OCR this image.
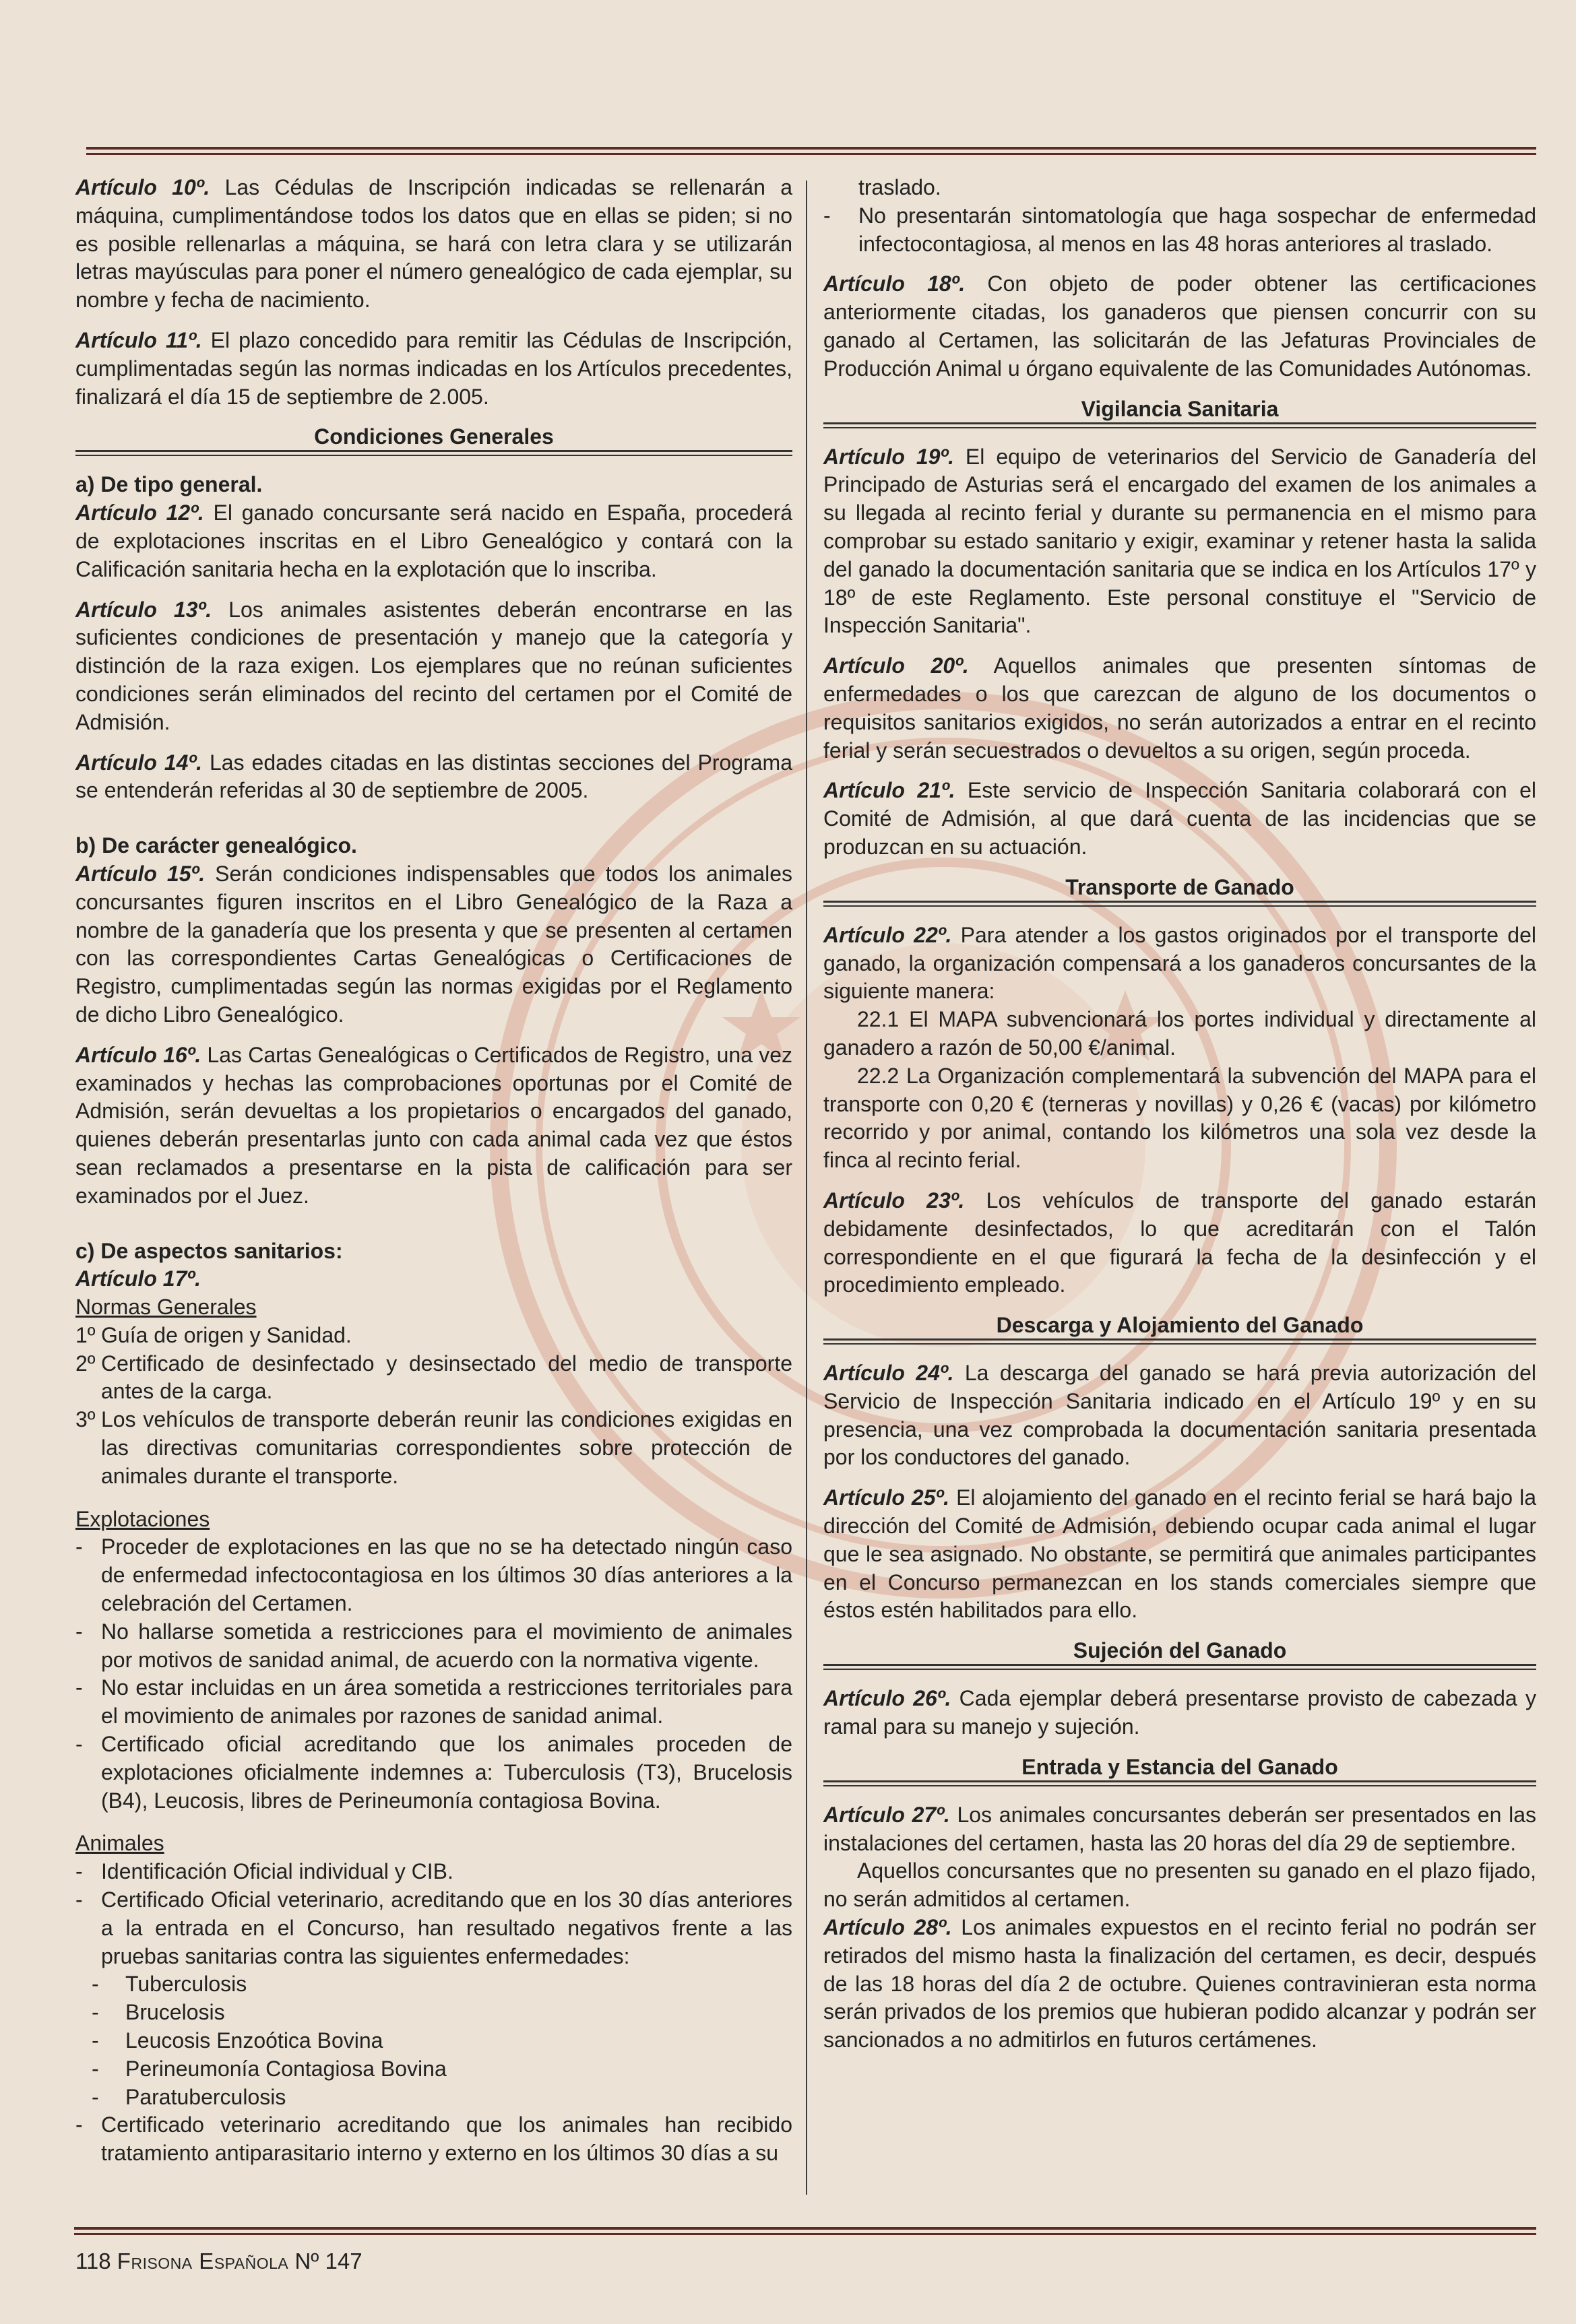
Artículo 10º. Las Cédulas de Inscripción indicadas se rellenarán a máquina, cumplimentándose todos los datos que en ellas se piden; si no es posible rellenarlas a máquina, se hará con letra clara y se utilizarán letras mayúsculas para poner el número genealógico de cada ejemplar, su nombre y fecha de nacimiento.

Artículo 11º. El plazo concedido para remitir las Cédulas de Inscripción, cumplimentadas según las normas indicadas en los Artículos precedentes, finalizará el día 15 de septiembre de 2.005.

Condiciones Generales

a) De tipo general.

Artículo 12º. El ganado concursante será nacido en España, procederá de explotaciones inscritas en el Libro Genealógico y contará con la Calificación sanitaria hecha en la explotación que lo inscriba.

Artículo 13º. Los animales asistentes deberán encontrarse en las suficientes condiciones de presentación y manejo que la categoría y distinción de la raza exigen. Los ejemplares que no reúnan suficientes condiciones serán eliminados del recinto del certamen por el Comité de Admisión.

Artículo 14º. Las edades citadas en las distintas secciones del Programa se entenderán referidas al 30 de septiembre de 2005.

b) De carácter genealógico.

Artículo 15º. Serán condiciones indispensables que todos los animales concursantes figuren inscritos en el Libro Genealógico de la Raza a nombre de la ganadería que los presenta y que se presenten al certamen con las correspondientes Cartas Genealógicas o Certificaciones de Registro, cumplimentadas según las normas exigidas por el Reglamento de dicho Libro Genealógico.

Artículo 16º. Las Cartas Genealógicas o Certificados de Registro, una vez examinados y hechas las comprobaciones oportunas por el Comité de Admisión, serán devueltas a los propietarios o encargados del ganado, quienes deberán presentarlas junto con cada animal cada vez que éstos sean reclamados a presentarse en la pista de calificación para ser examinados por el Juez.

c) De aspectos sanitarios:

Artículo 17º.

Normas Generales

1º Guía de origen y Sanidad.
2º Certificado de desinfectado y desinsectado del medio de transporte antes de la carga.
3º Los vehículos de transporte deberán reunir las condiciones exigidas en las directivas comunitarias correspondientes sobre protección de animales durante el transporte.

Explotaciones

- Proceder de explotaciones en las que no se ha detectado ningún caso de enfermedad infectocontagiosa en los últimos 30 días anteriores a la celebración del Certamen.
- No hallarse sometida a restricciones para el movimiento de animales por motivos de sanidad animal, de acuerdo con la normativa vigente.
- No estar incluidas en un área sometida a restricciones territoriales para el movimiento de animales por razones de sanidad animal.
- Certificado oficial acreditando que los animales proceden de explotaciones oficialmente indemnes a: Tuberculosis (T3), Brucelosis (B4), Leucosis, libres de Perineumonía contagiosa Bovina.

Animales

- Identificación Oficial individual y CIB.
- Certificado Oficial veterinario, acreditando que en los 30 días anteriores a la entrada en el Concurso, han resultado negativos frente a las pruebas sanitarias contra las siguientes enfermedades:
-	Tuberculosis
-	Brucelosis
-	Leucosis Enzoótica Bovina
-	Perineumonía Contagiosa Bovina
-	Paratuberculosis
- Certificado veterinario acreditando que los animales han recibido tratamiento antiparasitario interno y externo en los últimos 30 días a su

traslado.

-	No presentarán sintomatología que haga sospechar de enfermedad infectocontagiosa, al menos en las 48 horas anteriores al traslado.

Artículo 18º. Con objeto de poder obtener las certificaciones anteriormente citadas, los ganaderos que piensen concurrir con su ganado al Certamen, las solicitarán de las Jefaturas Provinciales de Producción Animal u órgano equivalente de las Comunidades Autónomas.

Vigilancia Sanitaria

Artículo 19º. El equipo de veterinarios del Servicio de Ganadería del Principado de Asturias será el encargado del examen de los animales a su llegada al recinto ferial y durante su permanencia en el mismo para comprobar su estado sanitario y exigir, examinar y retener hasta la salida del ganado la documentación sanitaria que se indica en los Artículos 17º y 18º de este Reglamento. Este personal constituye el "Servicio de Inspección Sanitaria".

Artículo 20º. Aquellos animales que presenten síntomas de enfermedades o los que carezcan de alguno de los documentos o requisitos sanitarios exigidos, no serán autorizados a entrar en el recinto ferial y serán secuestrados o devueltos a su origen, según proceda.

Artículo 21º. Este servicio de Inspección Sanitaria colaborará con el Comité de Admisión, al que dará cuenta de las incidencias que se produzcan en su actuación.

Transporte de Ganado

Artículo 22º. Para atender a los gastos originados por el transporte del ganado, la organización compensará a los ganaderos concursantes de la siguiente manera:

22.1 El MAPA subvencionará los portes individual y directamente al ganadero a razón de 50,00 €/animal.

22.2 La Organización complementará la subvención del MAPA para el transporte con 0,20 € (terneras y novillas) y 0,26 € (vacas) por kilómetro recorrido y por animal, contando los kilómetros una sola vez desde la finca al recinto ferial.

Artículo 23º. Los vehículos de transporte del ganado estarán debidamente desinfectados, lo que acreditarán con el Talón correspondiente en el que figurará la fecha de la desinfección y el procedimiento empleado.

Descarga y Alojamiento del Ganado

Artículo 24º. La descarga del ganado se hará previa autorización del Servicio de Inspección Sanitaria indicado en el Artículo 19º y en su presencia, una vez comprobada la documentación sanitaria presentada por los conductores del ganado.

Artículo 25º. El alojamiento del ganado en el recinto ferial se hará bajo la dirección del Comité de Admisión, debiendo ocupar cada animal el lugar que le sea asignado. No obstante, se permitirá que animales participantes en el Concurso permanezcan en los stands comerciales siempre que éstos estén habilitados para ello.

Sujeción del Ganado

Artículo 26º. Cada ejemplar deberá presentarse provisto de cabezada y ramal para su manejo y sujeción.

Entrada y Estancia del Ganado

Artículo 27º. Los animales concursantes deberán ser presentados en las instalaciones del certamen, hasta las 20 horas del día 29 de septiembre.

Aquellos concursantes que no presenten su ganado en el plazo fijado, no serán admitidos al certamen.

Artículo 28º. Los animales expuestos en el recinto ferial no podrán ser retirados del mismo hasta la finalización del certamen, es decir, después de las 18 horas del día 2 de octubre. Quienes contravinieran esta norma serán privados de los premios que hubieran podido alcanzar y podrán ser sancionados a no admitirlos en futuros certámenes.

118 Frisona Española Nº 147
